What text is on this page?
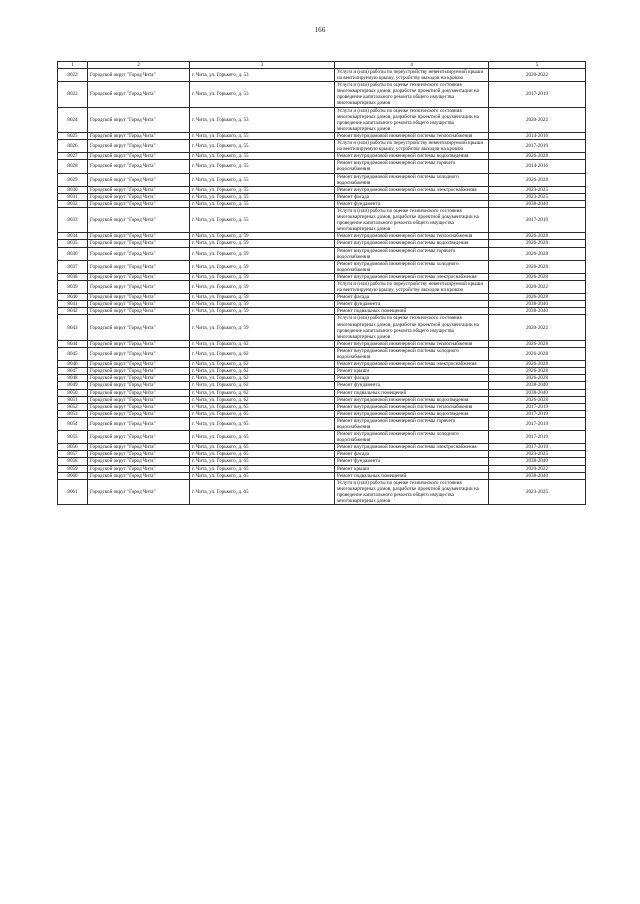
166
1	2	3	4	5
8022	Городской округ "Город Чита"	г. Чита, ул. Горького, д. 53	Услуги и (или) работы по переустройству невентилируемой крыши на вентилируемую крышу, устройству выходов на кровлю	2020-2022
8023	Городской округ "Город Чита"	г. Чита, ул. Горького, д. 53	Услуги и (или) работы по оценке технического состояния многоквартирных домов, разработке проектной документации на проведение капитального ремонта общего имущества многоквартирных домов	2017-2019
8024	Городской округ "Город Чита"	г. Чита, ул. Горького, д. 53	Услуги и (или) работы по оценке технического состояния многоквартирных домов, разработке проектной документации на проведение капитального ремонта общего имущества многоквартирных домов	2020-2022
8025	Городской округ "Город Чита"	г. Чита, ул. Горького, д. 55	Ремонт внутридомовой инженерной системы теплоснабжения	2014-2016
8026	Городской округ "Город Чита"	г. Чита, ул. Горького, д. 55	Услуги и (или) работы по переустройству невентилируемой крыши на вентилируемую крышу, устройству выходов на кровлю	2017-2019
8027	Городской округ "Город Чита"	г. Чита, ул. Горького, д. 55	Ремонт внутридомовой инженерной системы водоотведения	2026-2028
8028	Городской округ "Город Чита"	г. Чита, ул. Горького, д. 55	Ремонт внутридомовой инженерной системы горячего водоснабжения	2014-2016
8029	Городской округ "Город Чита"	г. Чита, ул. Горького, д. 55	Ремонт внутридомовой инженерной системы холодного водоснабжения	2026-2028
8030	Городской округ "Город Чита"	г. Чита, ул. Горького, д. 55	Ремонт внутридомовой инженерной системы электроснабжения	2023-2025
8031	Городской округ "Город Чита"	г. Чита, ул. Горького, д. 55	Ремонт фасада	2023-2025
8032	Городской округ "Город Чита"	г. Чита, ул. Горького, д. 55	Ремонт фундамента	2038-2040
8033	Городской округ "Город Чита"	г. Чита, ул. Горького, д. 55	Услуги и (или) работы по оценке технического состояния многоквартирных домов, разработке проектной документации на проведение капитального ремонта общего имущества многоквартирных домов	2017-2019
8034	Городской округ "Город Чита"	г. Чита, ул. Горького, д. 59	Ремонт внутридомовой инженерной системы теплоснабжения	2026-2028
8035	Городской округ "Город Чита"	г. Чита, ул. Горького, д. 59	Ремонт внутридомовой инженерной системы водоотведения	2026-2028
8036	Городской округ "Город Чита"	г. Чита, ул. Горького, д. 59	Ремонт внутридомовой инженерной системы горячего водоснабжения	2026-2028
8037	Городской округ "Город Чита"	г. Чита, ул. Горького, д. 59	Ремонт внутридомовой инженерной системы холодного водоснабжения	2026-2028
8038	Городской округ "Город Чита"	г. Чита, ул. Горького, д. 59	Ремонт внутридомовой инженерной системы электроснабжения	2026-2028
8039	Городской округ "Город Чита"	г. Чита, ул. Горького, д. 59	Услуги и (или) работы по переустройству невентилируемой крыши на вентилируемую крышу, устройству выходов на кровлю	2020-2022
8040	Городской округ "Город Чита"	г. Чита, ул. Горького, д. 59	Ремонт фасада	2026-2028
8041	Городской округ "Город Чита"	г. Чита, ул. Горького, д. 59	Ремонт фундамента	2038-2040
8042	Городской округ "Город Чита"	г. Чита, ул. Горького, д. 59	Ремонт подвальных помещений	2038-2040
8043	Городской округ "Город Чита"	г. Чита, ул. Горького, д. 59	Услуги и (или) работы по оценке технического состояния многоквартирных домов, разработке проектной документации на проведение капитального ремонта общего имущества многоквартирных домов	2020-2022
8044	Городской округ "Город Чита"	г. Чита, ул. Горького, д. 62	Ремонт внутридомовой инженерной системы теплоснабжения	2026-2028
8045	Городской округ "Город Чита"	г. Чита, ул. Горького, д. 62	Ремонт внутридомовой инженерной системы холодного водоснабжения	2026-2028
8046	Городской округ "Город Чита"	г. Чита, ул. Горького, д. 62	Ремонт внутридомовой инженерной системы электроснабжения	2026-2028
8047	Городской округ "Город Чита"	г. Чита, ул. Горького, д. 62	Ремонт крыши	2026-2028
8048	Городской округ "Город Чита"	г. Чита, ул. Горького, д. 62	Ремонт фасада	2026-2028
8049	Городской округ "Город Чита"	г. Чита, ул. Горького, д. 62	Ремонт фундамента	2038-2040
8050	Городской округ "Город Чита"	г. Чита, ул. Горького, д. 62	Ремонт подвальных помещений	2038-2040
8051	Городской округ "Город Чита"	г. Чита, ул. Горького, д. 62	Ремонт внутридомовой инженерной системы водоотведения	2026-2028
8052	Городской округ "Город Чита"	г. Чита, ул. Горького, д. 65	Ремонт внутридомовой инженерной системы теплоснабжения	2017-2019
8053	Городской округ "Город Чита"	г. Чита, ул. Горького, д. 65	Ремонт внутридомовой инженерной системы водоотведения	2017-2019
8054	Городской округ "Город Чита"	г. Чита, ул. Горького, д. 65	Ремонт внутридомовой инженерной системы горячего водоснабжения	2017-2019
8055	Городской округ "Город Чита"	г. Чита, ул. Горького, д. 65	Ремонт внутридомовой инженерной системы холодного водоснабжения	2017-2019
8056	Городской округ "Город Чита"	г. Чита, ул. Горького, д. 65	Ремонт внутридомовой инженерной системы электроснабжения	2017-2019
8057	Городской округ "Город Чита"	г. Чита, ул. Горького, д. 65	Ремонт фасада	2023-2025
8058	Городской округ "Город Чита"	г. Чита, ул. Горького, д. 65	Ремонт фундамента	2038-2040
8059	Городской округ "Город Чита"	г. Чита, ул. Горького, д. 65	Ремонт крыши	2020-2022
8060	Городской округ "Город Чита"	г. Чита, ул. Горького, д. 65	Ремонт подвальных помещений	2038-2040
8061	Городской округ "Город Чита"	г. Чита, ул. Горького, д. 65	Услуги и (или) работы по оценке технического состояния многоквартирных домов, разработке проектной документации на проведение капитального ремонта общего имущества многоквартирных домов	2023-2025
